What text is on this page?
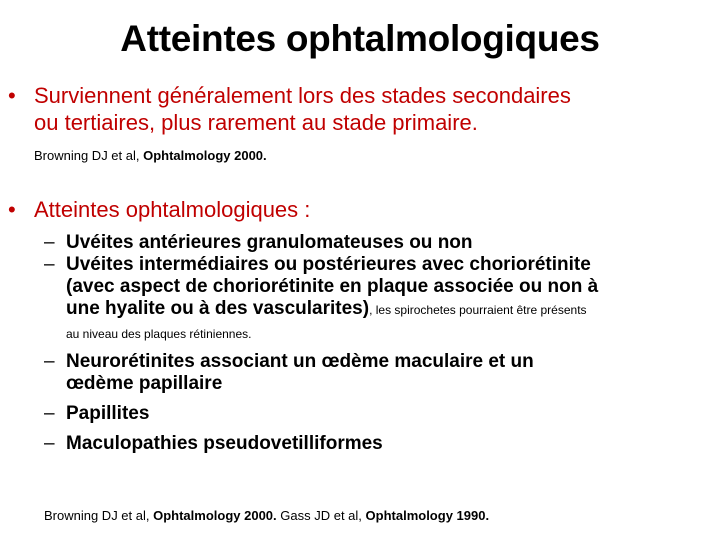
Atteintes ophtalmologiques
• Surviennent généralement lors des stades secondaires
ou tertiaires, plus rarement au stade primaire.
Browning DJ et al, Ophtalmology 2000.
• Atteintes ophtalmologiques :
– Uvéites antérieures granulomateuses ou non
– Uvéites intermédiaires ou postérieures avec choriorétinite
(avec aspect de choriorétinite en plaque associée ou non à
une hyalite ou à des vascularites), les spirochetes pourraient être présents
au niveau des plaques rétiniennes.
– Neurorétinites associant un œdème maculaire et un
œdème papillaire
– Papillites
– Maculopathies pseudovetilliformes
Browning DJ et al, Ophtalmology 2000. Gass JD et al, Ophtalmology 1990.
